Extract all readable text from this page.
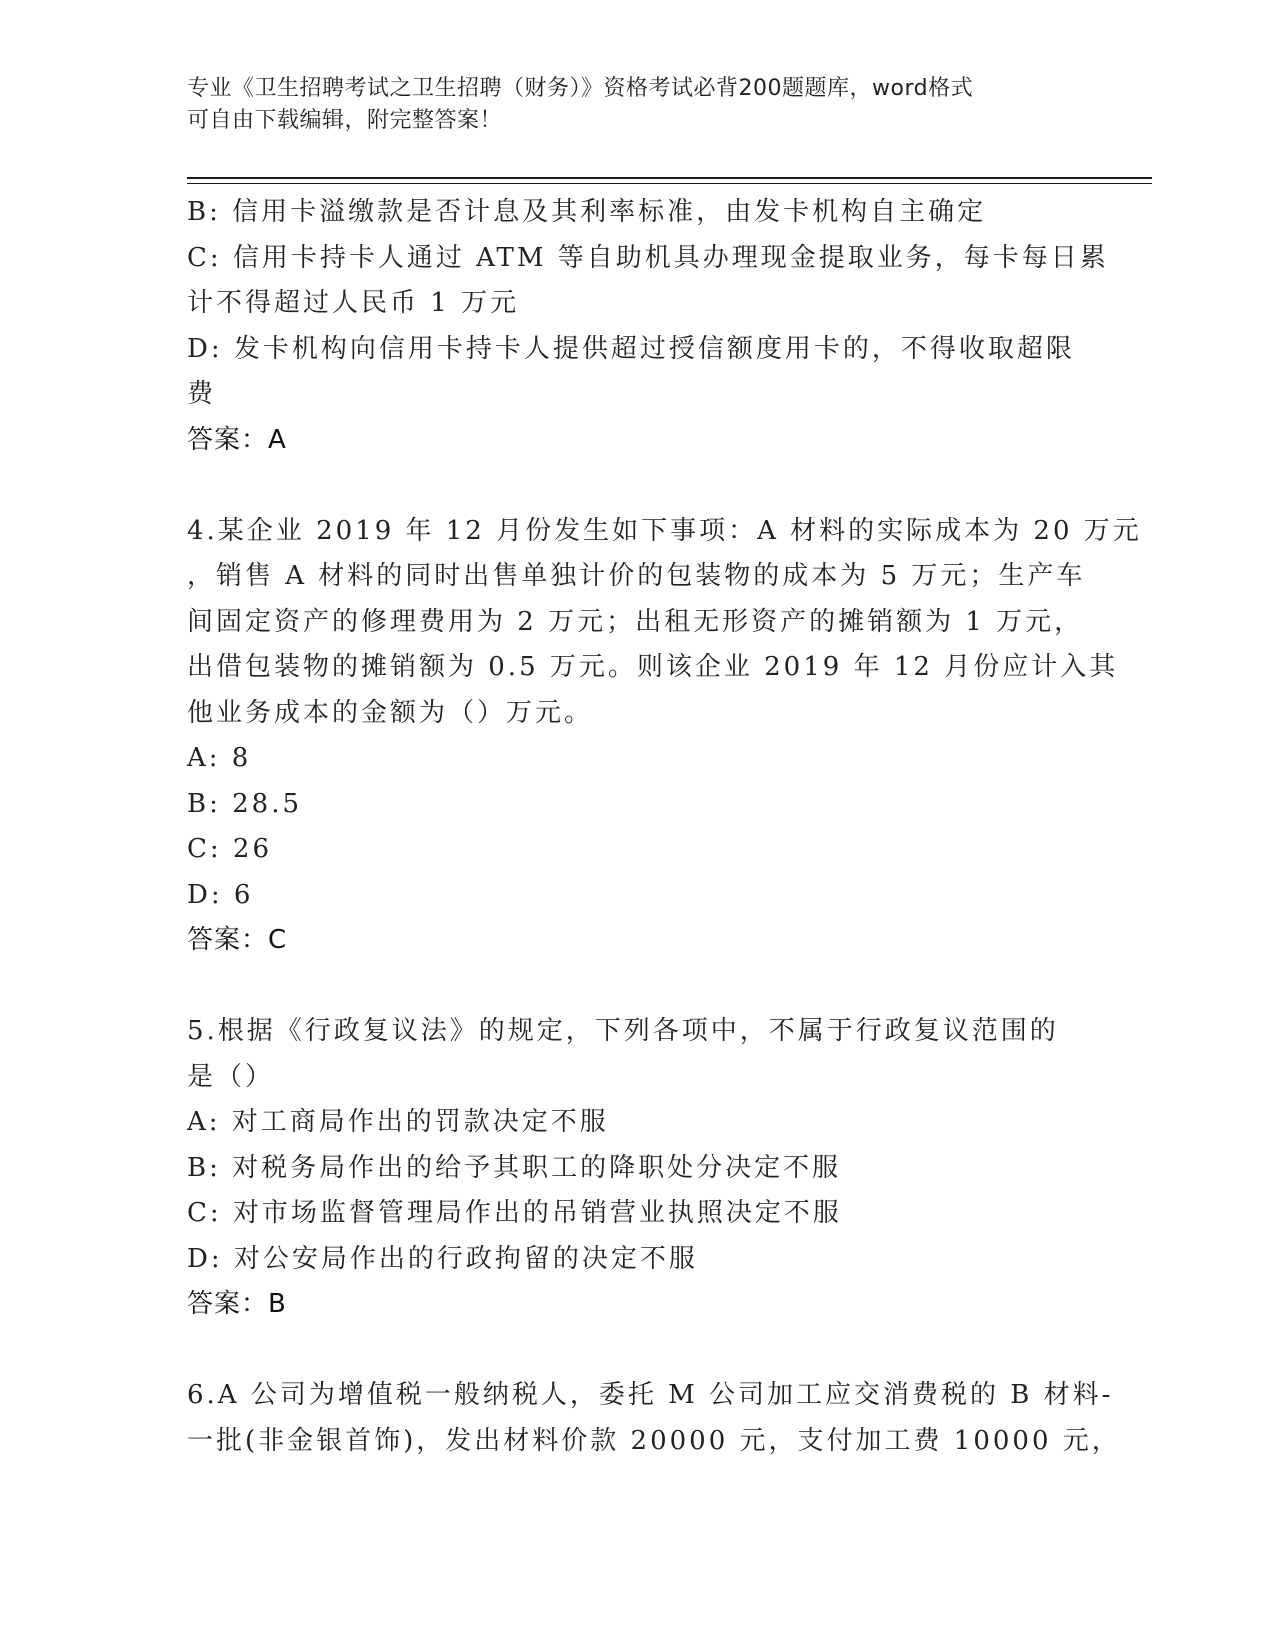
专业《卫生招聘考试之卫生招聘（财务）》资格考试必背200题题库，word格式
可自由下载编辑，附完整答案！
B: 信用卡溢缴款是否计息及其利率标准，由发卡机构自主确定
C: 信用卡持卡人通过 ATM 等自助机具办理现金提取业务，每卡每日累
计不得超过人民币 1 万元
D: 发卡机构向信用卡持卡人提供超过授信额度用卡的，不得收取超限
费
答案：A
4.某企业 2019 年 12 月份发生如下事项：A 材料的实际成本为 20 万元
，销售 A 材料的同时出售单独计价的包装物的成本为 5 万元；生产车
间固定资产的修理费用为 2 万元；出租无形资产的摊销额为 1 万元，
出借包装物的摊销额为 0.5 万元。则该企业 2019 年 12 月份应计入其
他业务成本的金额为（）万元。
A: 8
B: 28.5
C: 26
D: 6
答案：C
5.根据《行政复议法》的规定，下列各项中，不属于行政复议范围的
是（）
A: 对工商局作出的罚款决定不服
B: 对税务局作出的给予其职工的降职处分决定不服
C: 对市场监督管理局作出的吊销营业执照决定不服
D: 对公安局作出的行政拘留的决定不服
答案：B
6.A 公司为增值税一般纳税人，委托 M 公司加工应交消费税的 B 材料-
一批(非金银首饰)，发出材料价款 20000 元，支付加工费 10000 元，
